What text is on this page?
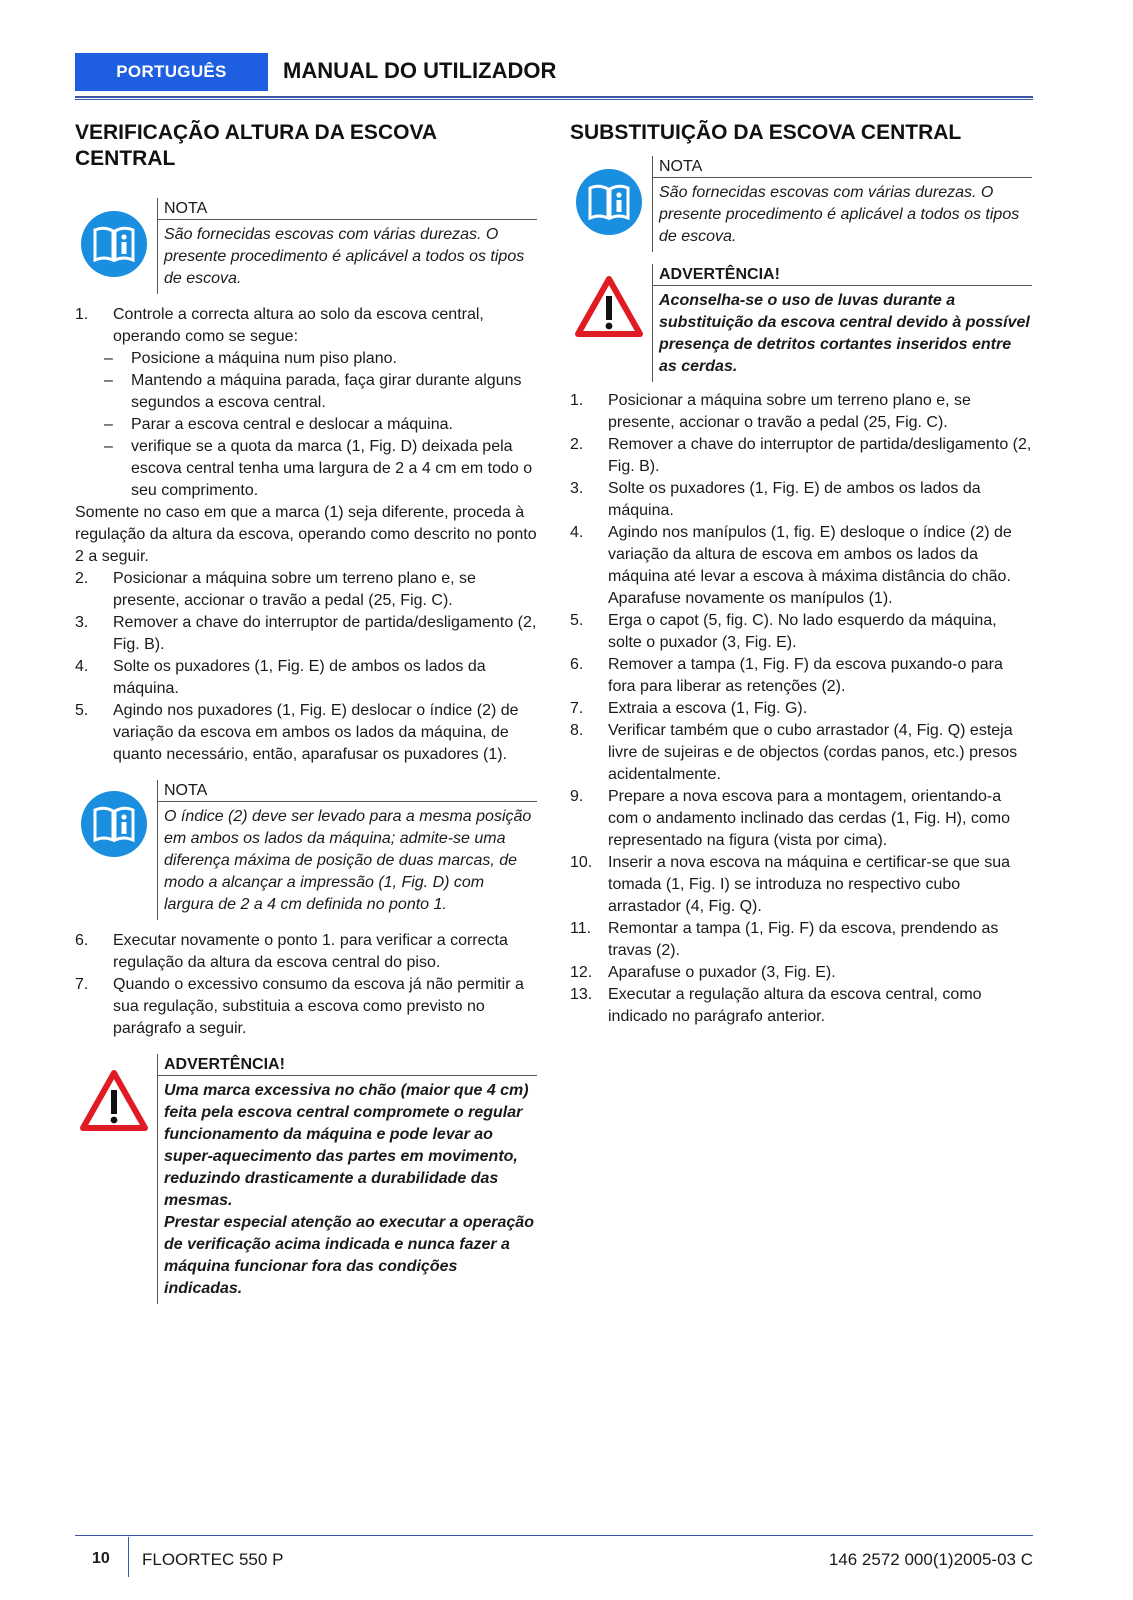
PORTUGUÊS	MANUAL DO UTILIZADOR
VERIFICAÇÃO ALTURA DA ESCOVA CENTRAL
NOTA
São fornecidas escovas com várias durezas. O presente procedimento é aplicável a todos os tipos de escova.
1. Controle a correcta altura ao solo da escova central, operando como se segue:
– Posicione a máquina num piso plano.
– Mantendo a máquina parada, faça girar durante alguns segundos a escova central.
– Parar a escova central e deslocar a máquina.
– verifique se a quota da marca (1, Fig. D) deixada pela escova central tenha uma largura de 2 a 4 cm em todo o seu comprimento.

Somente no caso em que a marca (1) seja diferente, proceda à regulação da altura da escova, operando como descrito no ponto 2 a seguir.

2. Posicionar a máquina sobre um terreno plano e, se presente, accionar o travão a pedal (25, Fig. C).
3. Remover a chave do interruptor de partida/desligamento (2, Fig. B).
4. Solte os puxadores (1, Fig. E) de ambos os lados da máquina.
5. Agindo nos puxadores (1, Fig. E) deslocar o índice (2) de variação da escova em ambos os lados da máquina, de quanto necessário, então, aparafusar os puxadores (1).
NOTA
O índice (2) deve ser levado para a mesma posição em ambos os lados da máquina; admite-se uma diferença máxima de posição de duas marcas, de modo a alcançar a impressão (1, Fig. D) com largura de 2 a 4 cm definida no ponto 1.
6. Executar novamente o ponto 1. para verificar a correcta regulação da altura da escova central do piso.
7. Quando o excessivo consumo da escova já não permitir a sua regulação, substituia a escova como previsto no parágrafo a seguir.
ADVERTÊNCIA!
Uma marca excessiva no chão (maior que 4 cm) feita pela escova central compromete o regular funcionamento da máquina e pode levar ao super-aquecimento das partes em movimento, reduzindo drasticamente a durabilidade das mesmas.
Prestar especial atenção ao executar a operação de verificação acima indicada e nunca fazer a máquina funcionar fora das condições indicadas.
SUBSTITUIÇÃO DA ESCOVA CENTRAL
NOTA
São fornecidas escovas com várias durezas. O presente procedimento é aplicável a todos os tipos de escova.
ADVERTÊNCIA!
Aconselha-se o uso de luvas durante a substituição da escova central devido à possível presença de detritos cortantes inseridos entre as cerdas.
1. Posicionar a máquina sobre um terreno plano e, se presente, accionar o travão a pedal (25, Fig. C).
2. Remover a chave do interruptor de partida/desligamento (2, Fig. B).
3. Solte os puxadores (1, Fig. E) de ambos os lados da máquina.
4. Agindo nos manípulos (1, fig. E) desloque o índice (2) de variação da altura de escova em ambos os lados da máquina até levar a escova à máxima distância do chão. Aparafuse novamente os manípulos (1).
5. Erga o capot (5, fig. C). No lado esquerdo da máquina, solte o puxador (3, Fig. E).
6. Remover a tampa (1, Fig. F) da escova puxando-o para fora para liberar as retenções (2).
7. Extraia a escova (1, Fig. G).
8. Verificar também que o cubo arrastador (4, Fig. Q) esteja livre de sujeiras e de objectos (cordas panos, etc.) presos acidentalmente.
9. Prepare a nova escova para a montagem, orientando-a com o andamento inclinado das cerdas (1, Fig. H), como representado na figura (vista por cima).
10. Inserir a nova escova na máquina e certificar-se que sua tomada (1, Fig. I) se introduza no respectivo cubo arrastador (4, Fig. Q).
11. Remontar a tampa (1, Fig. F) da escova, prendendo as travas (2).
12. Aparafuse o puxador (3, Fig. E).
13. Executar a regulação altura da escova central, como indicado no parágrafo anterior.
10 FLOORTEC 550 P	146 2572 000(1)2005-03 C
